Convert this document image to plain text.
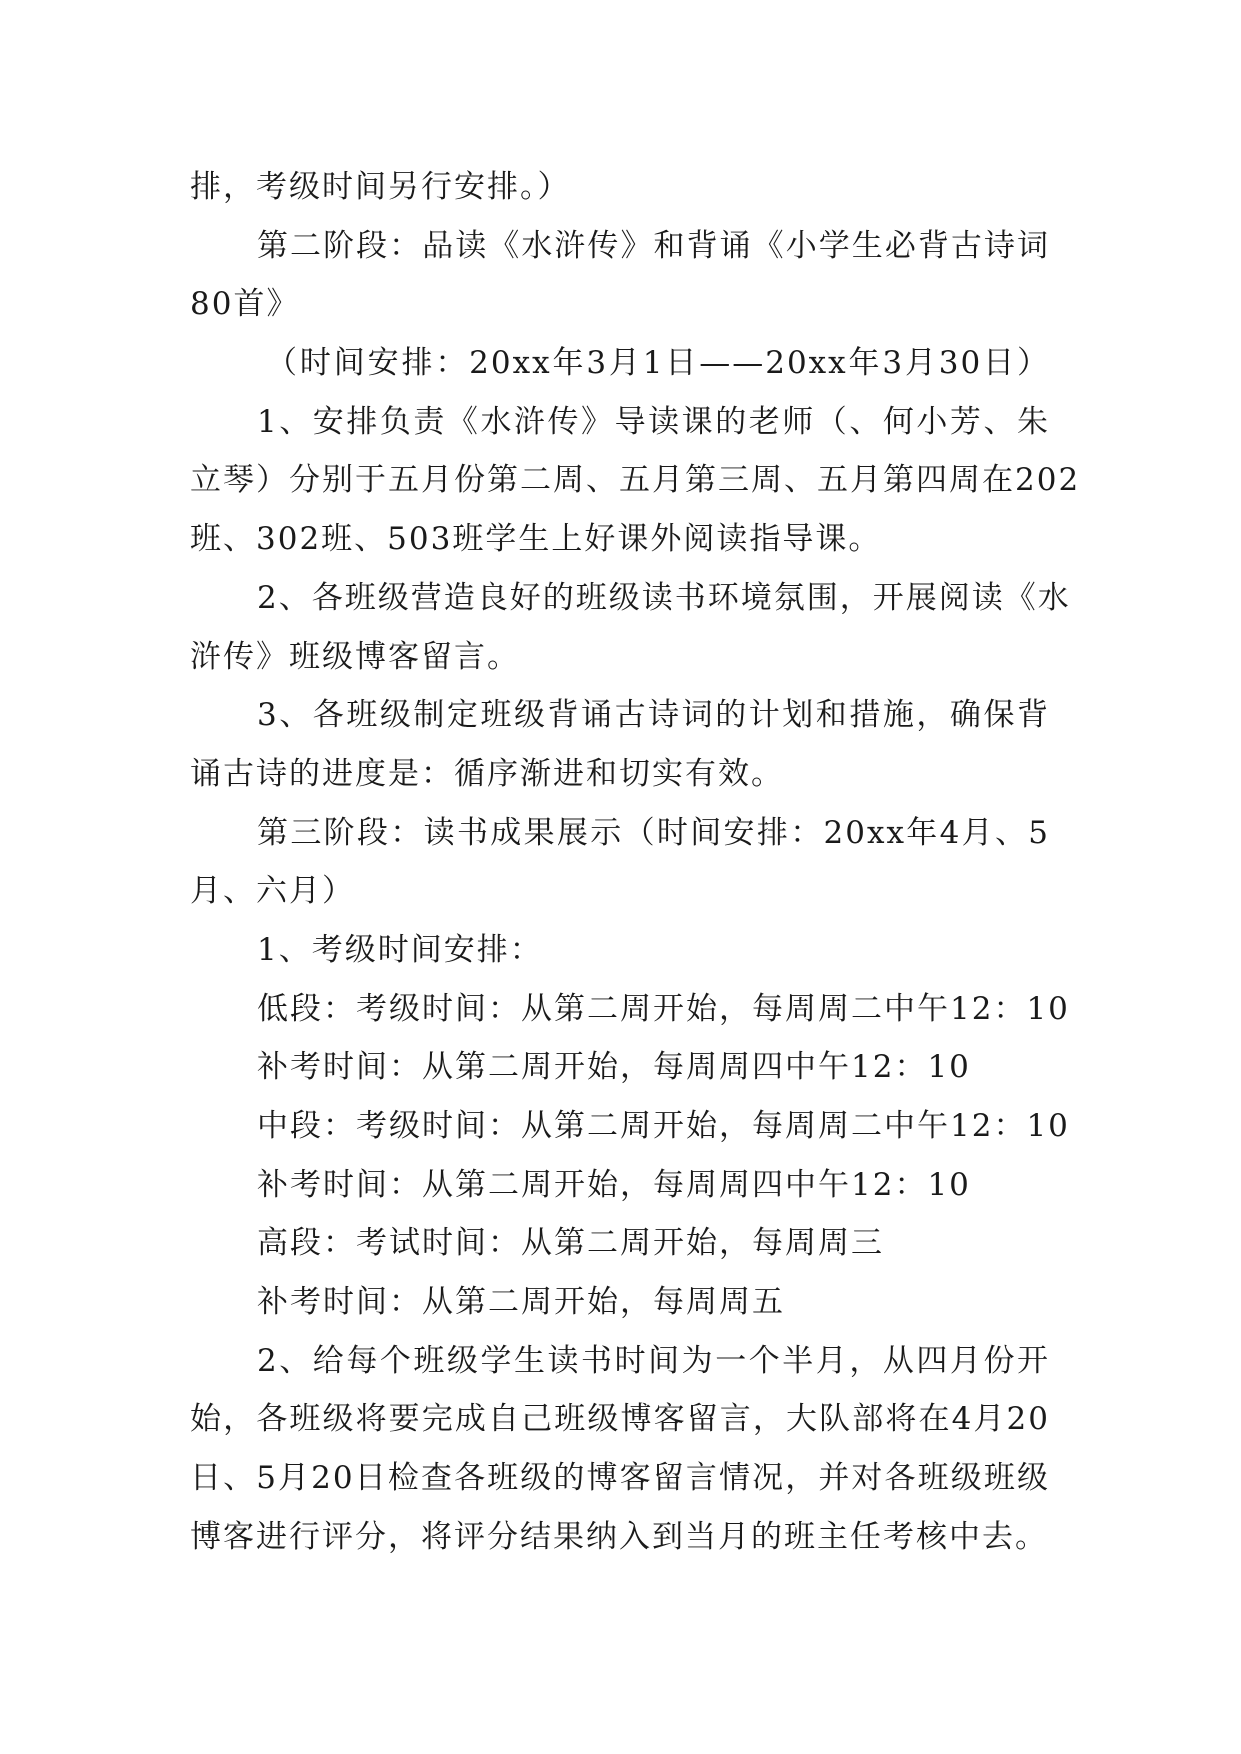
排，考级时间另行安排。）
第二阶段：品读《水浒传》和背诵《小学生必背古诗词
80首》
（时间安排：20xx年3月1日——20xx年3月30日）
1、安排负责《水浒传》导读课的老师（、何小芳、朱
立琴）分别于五月份第二周、五月第三周、五月第四周在202
班、302班、503班学生上好课外阅读指导课。
2、各班级营造良好的班级读书环境氛围，开展阅读《水
浒传》班级博客留言。
3、各班级制定班级背诵古诗词的计划和措施，确保背
诵古诗的进度是：循序渐进和切实有效。
第三阶段：读书成果展示（时间安排：20xx年4月、5
月、六月）
1、考级时间安排：
低段：考级时间：从第二周开始，每周周二中午12：10
补考时间：从第二周开始，每周周四中午12：10
中段：考级时间：从第二周开始，每周周二中午12：10
补考时间：从第二周开始，每周周四中午12：10
高段：考试时间：从第二周开始，每周周三
补考时间：从第二周开始，每周周五
2、给每个班级学生读书时间为一个半月，从四月份开
始，各班级将要完成自己班级博客留言，大队部将在4月20
日、5月20日检查各班级的博客留言情况，并对各班级班级
博客进行评分，将评分结果纳入到当月的班主任考核中去。
